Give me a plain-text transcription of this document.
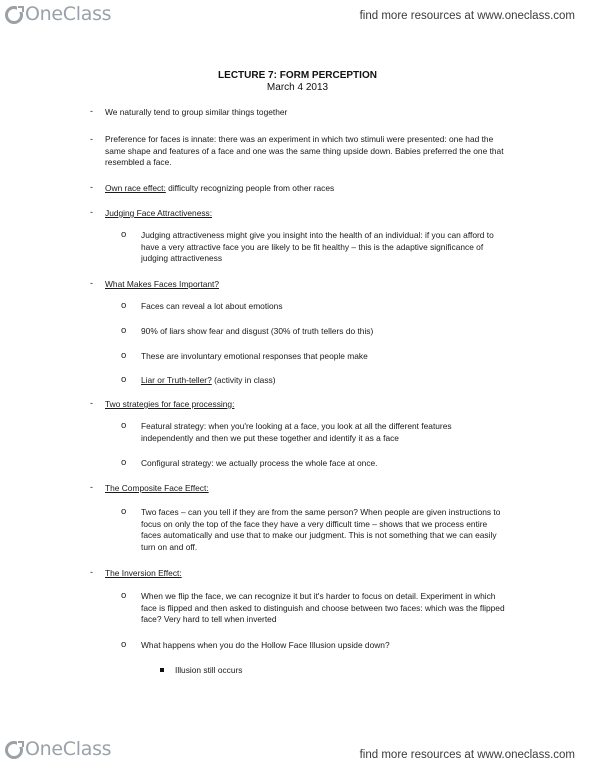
OneClass	find more resources at www.oneclass.com
LECTURE 7: FORM PERCEPTION
March 4 2013
- We naturally tend to group similar things together
- Preference for faces is innate: there was an experiment in which two stimuli were presented: one had the same shape and features of a face and one was the same thing upside down. Babies preferred the one that resembled a face.
- Own race effect: difficulty recognizing people from other races
- Judging Face Attractiveness:
o Judging attractiveness might give you insight into the health of an individual: if you can afford to have a very attractive face you are likely to be fit healthy – this is the adaptive significance of judging attractiveness
- What Makes Faces Important?
o Faces can reveal a lot about emotions
o 90% of liars show fear and disgust (30% of truth tellers do this)
o These are involuntary emotional responses that people make
o Liar or Truth-teller? (activity in class)
- Two strategies for face processing:
o Featural strategy: when you're looking at a face, you look at all the different features independently and then we put these together and identify it as a face
o Configural strategy: we actually process the whole face at once.
- The Composite Face Effect:
o Two faces – can you tell if they are from the same person? When people are given instructions to focus on only the top of the face they have a very difficult time – shows that we process entire faces automatically and use that to make our judgment. This is not something that we can easily turn on and off.
- The Inversion Effect:
o When we flip the face, we can recognize it but it's harder to focus on detail. Experiment in which face is flipped and then asked to distinguish and choose between two faces: which was the flipped face? Very hard to tell when inverted
o What happens when you do the Hollow Face Illusion upside down?
Illusion still occurs
OneClass	find more resources at www.oneclass.com
